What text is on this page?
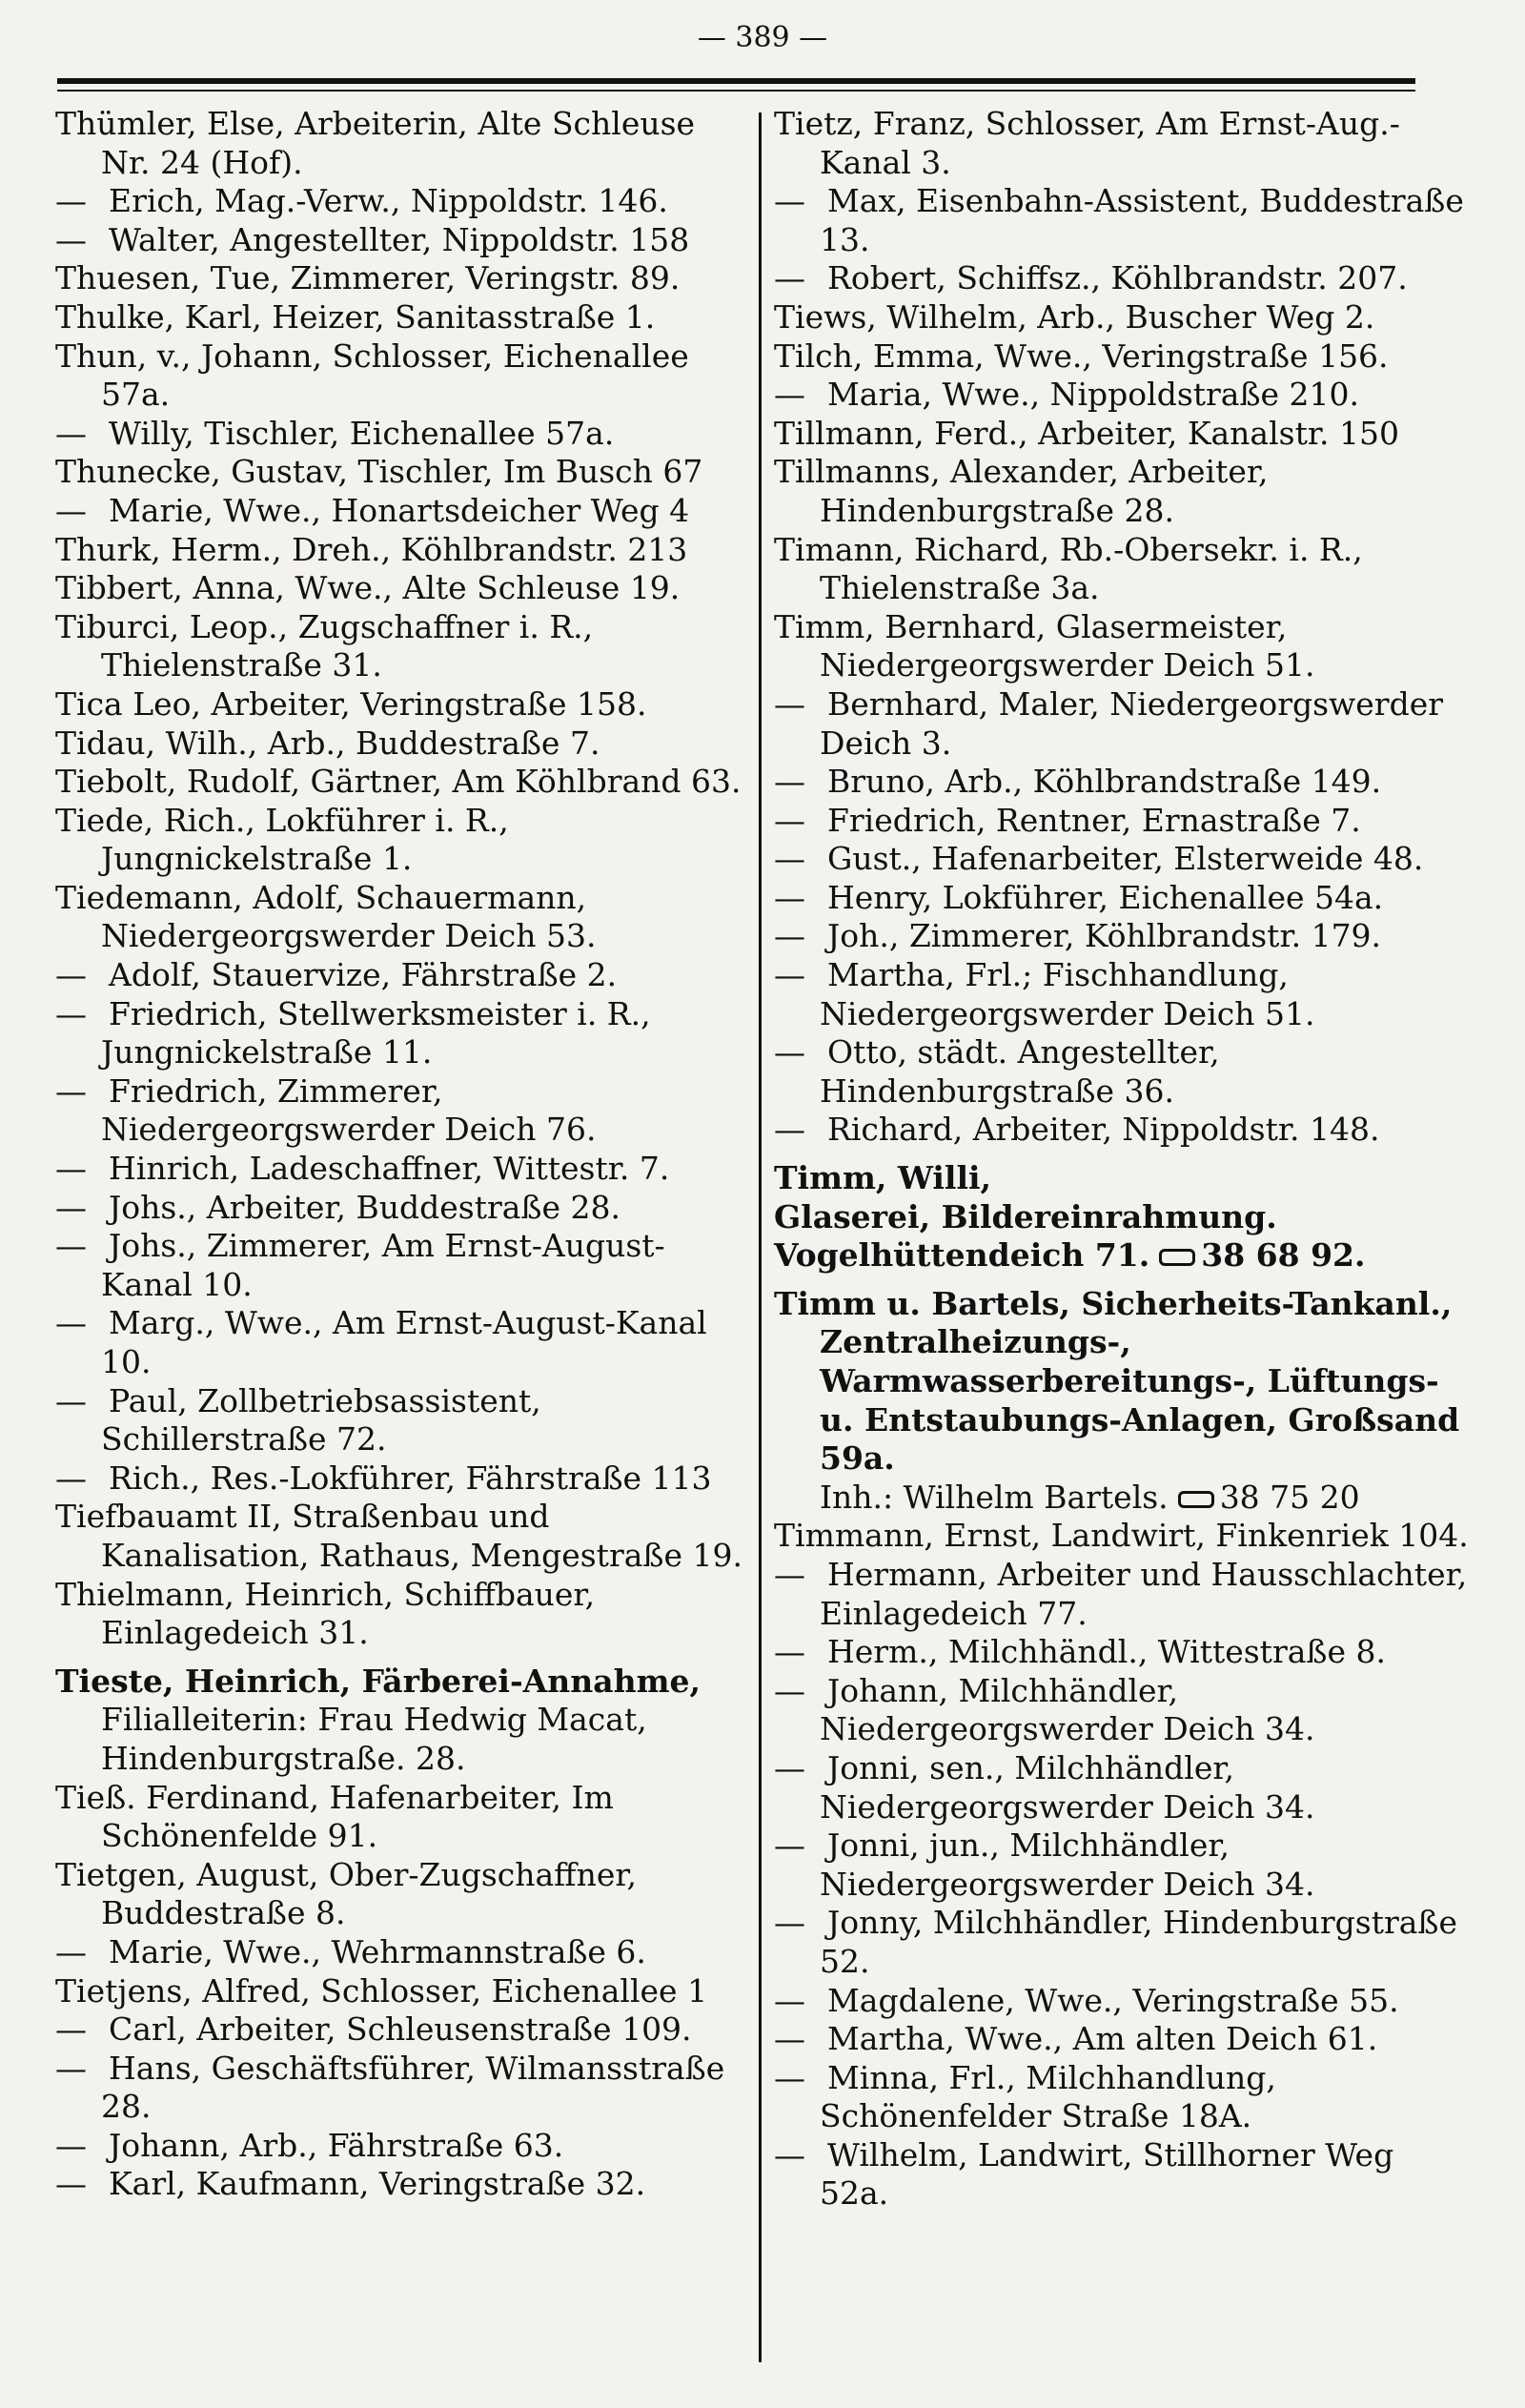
— 389 —

Thümler, Else, Arbeiterin, Alte Schleuse Nr. 24 (Hof).

— Erich, Mag.-Verw., Nippoldstr. 146.

— Walter, Angestellter, Nippoldstr. 158

Thuesen, Tue, Zimmerer, Veringstr. 89.

Thulke, Karl, Heizer, Sanitasstraße 1.

Thun, v., Johann, Schlosser, Eichenallee 57a.

— Willy, Tischler, Eichenallee 57a.

Thunecke, Gustav, Tischler, Im Busch 67

— Marie, Wwe., Honartsdeicher Weg 4

Thurk, Herm., Dreh., Köhlbrandstr. 213

Tibbert, Anna, Wwe., Alte Schleuse 19.

Tiburci, Leop., Zugschaffner i. R., Thielenstraße 31.

Tica Leo, Arbeiter, Veringstraße 158.

Tidau, Wilh., Arb., Buddestraße 7.

Tiebolt, Rudolf, Gärtner, Am Köhlbrand 63.

Tiede, Rich., Lokführer i. R., Jungnickelstraße 1.

Tiedemann, Adolf, Schauermann, Niedergeorgswerder Deich 53.

— Adolf, Stauervize, Fährstraße 2.

— Friedrich, Stellwerksmeister i. R., Jungnickelstraße 11.

— Friedrich, Zimmerer, Niedergeorgswerder Deich 76.

— Hinrich, Ladeschaffner, Wittestr. 7.

— Johs., Arbeiter, Buddestraße 28.

— Johs., Zimmerer, Am Ernst-August-Kanal 10.

— Marg., Wwe., Am Ernst-August-Kanal 10.

— Paul, Zollbetriebsassistent, Schillerstraße 72.

— Rich., Res.-Lokführer, Fährstraße 113

Tiefbauamt II, Straßenbau und Kanalisation, Rathaus, Mengestraße 19.

Thielmann, Heinrich, Schiffbauer, Einlagedeich 31.

Tieste, Heinrich, Färberei-Annahme,
Filialleiterin: Frau Hedwig Macat, Hindenburgstraße. 28.

Tieß. Ferdinand, Hafenarbeiter, Im Schönenfelde 91.

Tietgen, August, Ober-Zugschaffner, Buddestraße 8.

— Marie, Wwe., Wehrmannstraße 6.

Tietjens, Alfred, Schlosser, Eichenallee 1

— Carl, Arbeiter, Schleusenstraße 109.

— Hans, Geschäftsführer, Wilmansstraße 28.

— Johann, Arb., Fährstraße 63.

— Karl, Kaufmann, Veringstraße 32.

Tietz, Franz, Schlosser, Am Ernst-Aug.-Kanal 3.

— Max, Eisenbahn-Assistent, Buddestraße 13.

— Robert, Schiffsz., Köhlbrandstr. 207.

Tiews, Wilhelm, Arb., Buscher Weg 2.

Tilch, Emma, Wwe., Veringstraße 156.

— Maria, Wwe., Nippoldstraße 210.

Tillmann, Ferd., Arbeiter, Kanalstr. 150

Tillmanns, Alexander, Arbeiter, Hindenburgstraße 28.

Timann, Richard, Rb.-Obersekr. i. R., Thielenstraße 3a.

Timm, Bernhard, Glasermeister, Niedergeorgswerder Deich 51.

— Bernhard, Maler, Niedergeorgswerder Deich 3.

— Bruno, Arb., Köhlbrandstraße 149.

— Friedrich, Rentner, Ernastraße 7.

— Gust., Hafenarbeiter, Elsterweide 48.

— Henry, Lokführer, Eichenallee 54a.

— Joh., Zimmerer, Köhlbrandstr. 179.

— Martha, Frl.; Fischhandlung, Niedergeorgswerder Deich 51.

— Otto, städt. Angestellter, Hindenburgstraße 36.

— Richard, Arbeiter, Nippoldstr. 148.

Timm, Willi,
Glaserei, Bildereinrahmung.
Vogelhüttendeich 71. 38 68 92.

Timm u. Bartels, Sicherheits-Tankanl., Zentralheizungs-, Warmwasserbereitungs-, Lüftungs- u. Entstaubungs-Anlagen, Großsand 59a.
Inh.: Wilhelm Bartels. 38 75 20

Timmann, Ernst, Landwirt, Finkenriek 104.

— Hermann, Arbeiter und Hausschlachter, Einlagedeich 77.

— Herm., Milchhändl., Wittestraße 8.

— Johann, Milchhändler, Niedergeorgswerder Deich 34.

— Jonni, sen., Milchhändler, Niedergeorgswerder Deich 34.

— Jonni, jun., Milchhändler, Niedergeorgswerder Deich 34.

— Jonny, Milchhändler, Hindenburgstraße 52.

— Magdalene, Wwe., Veringstraße 55.

— Martha, Wwe., Am alten Deich 61.

— Minna, Frl., Milchhandlung, Schönenfelder Straße 18A.

— Wilhelm, Landwirt, Stillhorner Weg 52a.
